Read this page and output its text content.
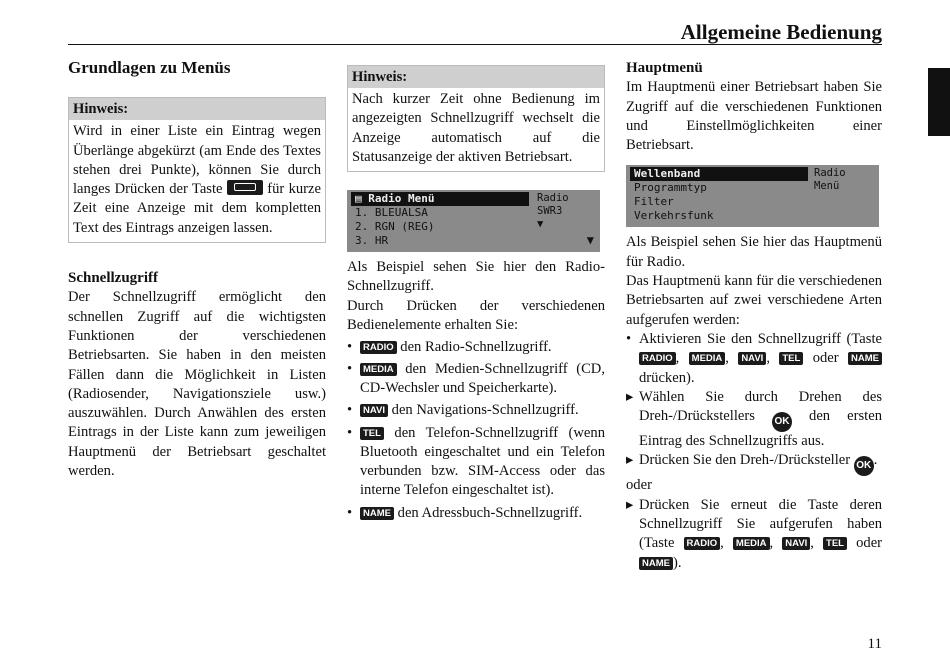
Allgemeine Bedienung
Grundlagen zu Menüs
Hinweis:
Wird in einer Liste ein Eintrag wegen Überlänge abgekürzt (am Ende des Textes stehen drei Punkte), können Sie durch langes Drücken der Taste	für kurze Zeit eine Anzeige mit dem kompletten Text des Eintrags anzeigen lassen.
Schnellzugriff

Der Schnellzugriff ermöglicht den schnellen Zugriff auf die wichtigsten Funktionen der verschiedenen Betriebsarten. Sie haben in den meisten Fällen dann die Möglichkeit in Listen (Radiosender, Navigationsziele usw.) auszuwählen. Durch Anwählen des ersten Eintrags in der Liste kann zum jeweiligen Hauptmenü der Betriebsart geschaltet werden.

Hinweis:
Nach kurzer Zeit ohne Bedienung im angezeigten Schnellzugriff wechselt die Anzeige automatisch auf die Statusanzeige der aktiven Betriebsart.
▤ Radio Menü
1. BLEUALSA
2. RGN (REG)
3. HR
Radio
SWR3
▼
▼

Als Beispiel sehen Sie hier den Radio-Schnellzugriff.

Durch Drücken der verschiedenen Bedienelemente erhalten Sie:

• RADIO den Radio-Schnellzugriff.
• MEDIA den Medien-Schnellzugriff (CD, CD-Wechsler und Speicherkarte).
• NAVI den Navigations-Schnellzugriff.
• TEL den Telefon-Schnellzugriff (wenn Bluetooth eingeschaltet und ein Telefon verbunden bzw. SIM-Access oder das interne Telefon eingeschaltet ist).
• NAME den Adressbuch-Schnellzugriff.
Hauptmenü

Im Hauptmenü einer Betriebsart haben Sie Zugriff auf die verschiedenen Funktionen und Einstellmöglichkeiten einer Betriebsart.

Wellenband
Programmtyp
Filter
Verkehrsfunk
Radio
Menü

Als Beispiel sehen Sie hier das Hauptmenü für Radio.

Das Hauptmenü kann für die verschiedenen Betriebsarten auf zwei verschiedene Arten aufgerufen werden:

• Aktivieren Sie den Schnellzugriff (Taste RADIO , MEDIA , NAVI , TEL oder NAME drücken).
▸ Wählen Sie durch Drehen des Dreh-/Drückstellers OK den ersten Eintrag des Schnellzugriffs aus.
▸ Drücken Sie den Dreh-/Drücksteller OK .

oder

▸ Drücken Sie erneut die Taste deren Schnellzugriff Sie aufgerufen haben (Taste RADIO , MEDIA , NAVI , TEL oder NAME ).
11
